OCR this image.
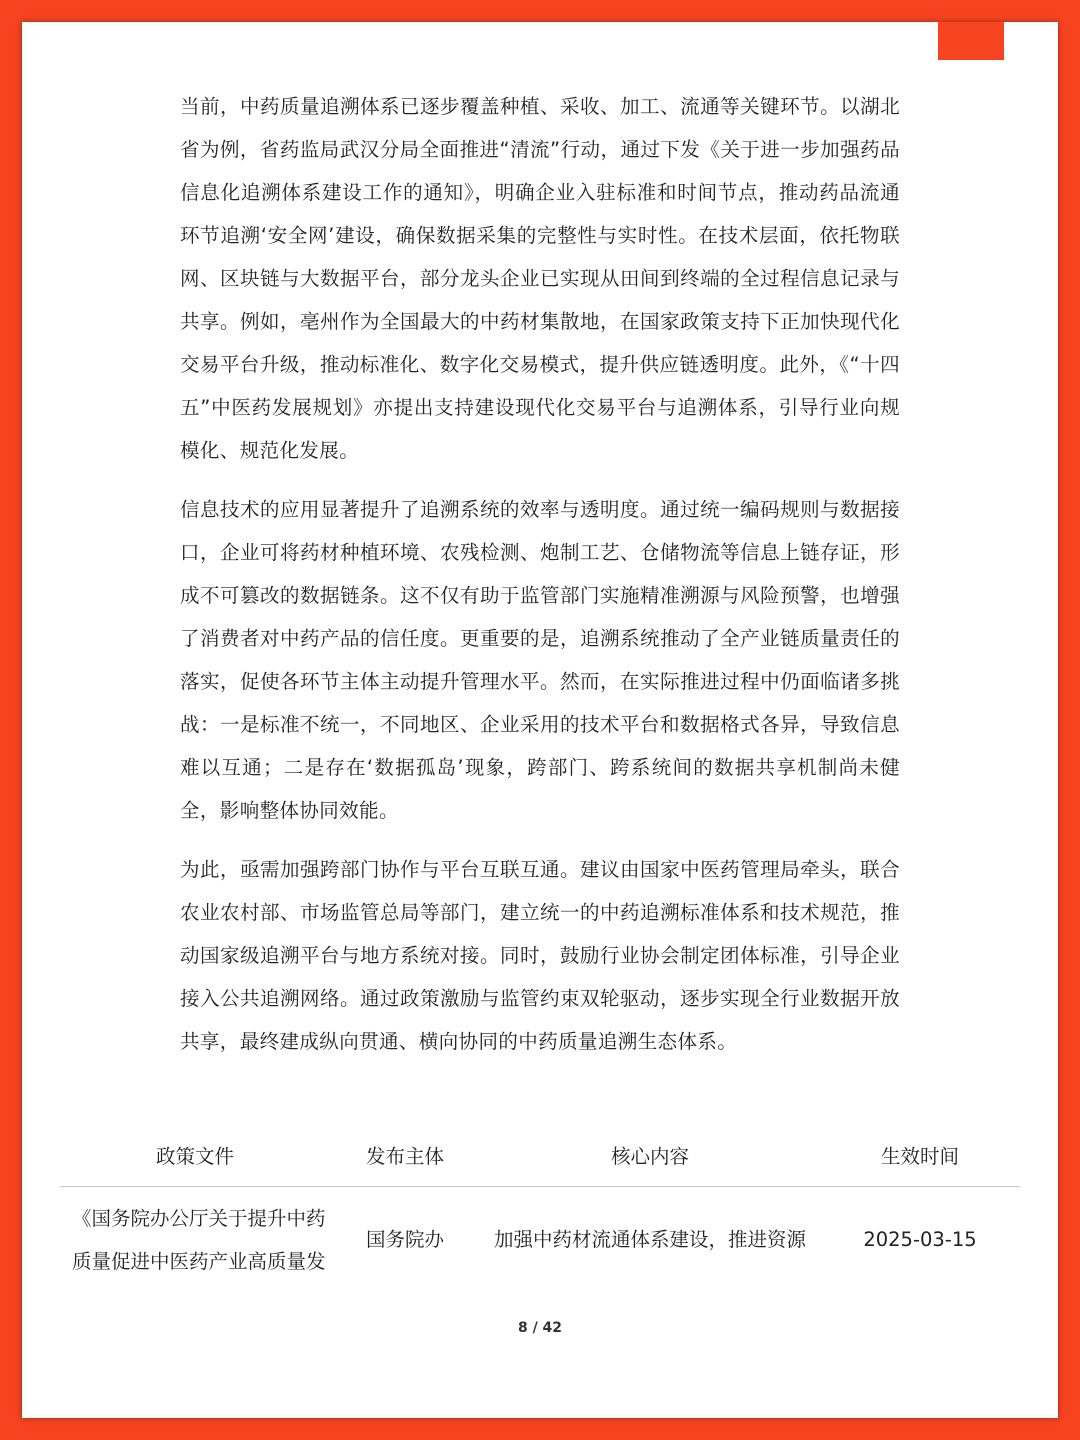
当前，中药质量追溯体系已逐步覆盖种植、采收、加工、流通等关键环节。以湖北省为例，省药监局武汉分局全面推进“清流”行动，通过下发《关于进一步加强药品信息化追溯体系建设工作的通知》，明确企业入驻标准和时间节点，推动药品流通环节追溯‘安全网’建设，确保数据采集的完整性与实时性。在技术层面，依托物联网、区块链与大数据平台，部分龙头企业已实现从田间到终端的全过程信息记录与共享。例如，亳州作为全国最大的中药材集散地，在国家政策支持下正加快现代化交易平台升级，推动标准化、数字化交易模式，提升供应链透明度。此外，《“十四五”中医药发展规划》亦提出支持建设现代化交易平台与追溯体系，引导行业向规模化、规范化发展。

信息技术的应用显著提升了追溯系统的效率与透明度。通过统一编码规则与数据接口，企业可将药材种植环境、农残检测、炮制工艺、仓储物流等信息上链存证，形成不可篡改的数据链条。这不仅有助于监管部门实施精准溯源与风险预警，也增强了消费者对中药产品的信任度。更重要的是，追溯系统推动了全产业链质量责任的落实，促使各环节主体主动提升管理水平。然而，在实际推进过程中仍面临诸多挑战：一是标准不统一，不同地区、企业采用的技术平台和数据格式各异，导致信息难以互通；二是存在‘数据孤岛’现象，跨部门、跨系统间的数据共享机制尚未健全，影响整体协同效能。

为此，亟需加强跨部门协作与平台互联互通。建议由国家中医药管理局牵头，联合农业农村部、市场监管总局等部门，建立统一的中药追溯标准体系和技术规范，推动国家级追溯平台与地方系统对接。同时，鼓励行业协会制定团体标准，引导企业接入公共追溯网络。通过政策激励与监管约束双轮驱动，逐步实现全行业数据开放共享，最终建成纵向贯通、横向协同的中药质量追溯生态体系。

政策文件	发布主体	核心内容	生效时间
《国务院办公厅关于提升中药质量促进中医药产业高质量发	国务院办	加强中药材流通体系建设，推进资源	2025-03-15
8 / 42
